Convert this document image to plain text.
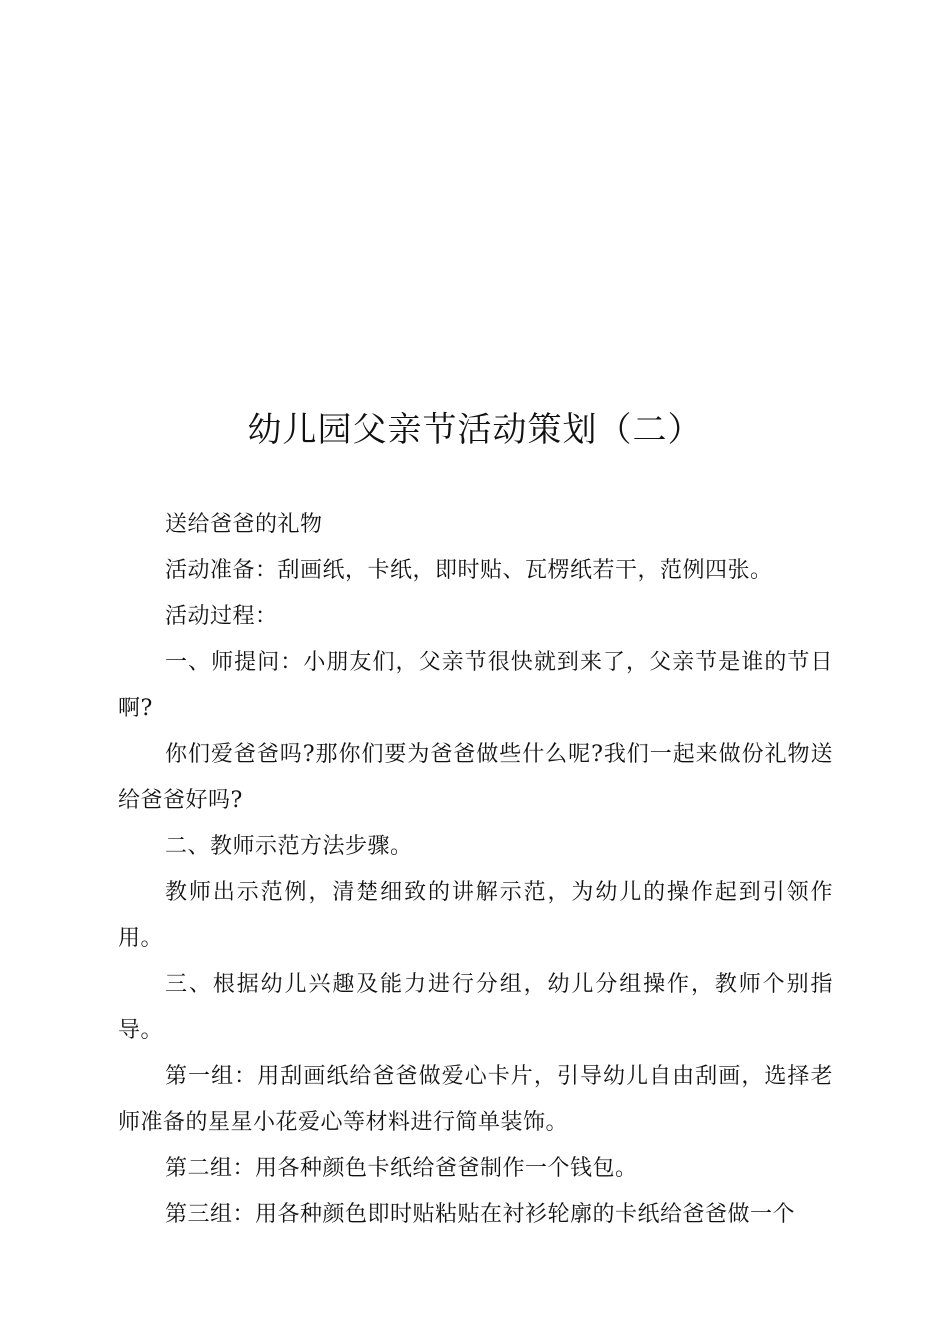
幼儿园父亲节活动策划（二）

送给爸爸的礼物

活动准备：刮画纸，卡纸，即时贴、瓦楞纸若干，范例四张。

活动过程：

一、师提问：小朋友们，父亲节很快就到来了，父亲节是谁的节日啊?

你们爱爸爸吗?那你们要为爸爸做些什么呢?我们一起来做份礼物送给爸爸好吗?

二、教师示范方法步骤。

教师出示范例，清楚细致的讲解示范，为幼儿的操作起到引领作用。

三、根据幼儿兴趣及能力进行分组，幼儿分组操作，教师个别指导。

第一组：用刮画纸给爸爸做爱心卡片，引导幼儿自由刮画，选择老师准备的星星小花爱心等材料进行简单装饰。

第二组：用各种颜色卡纸给爸爸制作一个钱包。

第三组：用各种颜色即时贴粘贴在衬衫轮廓的卡纸给爸爸做一个
